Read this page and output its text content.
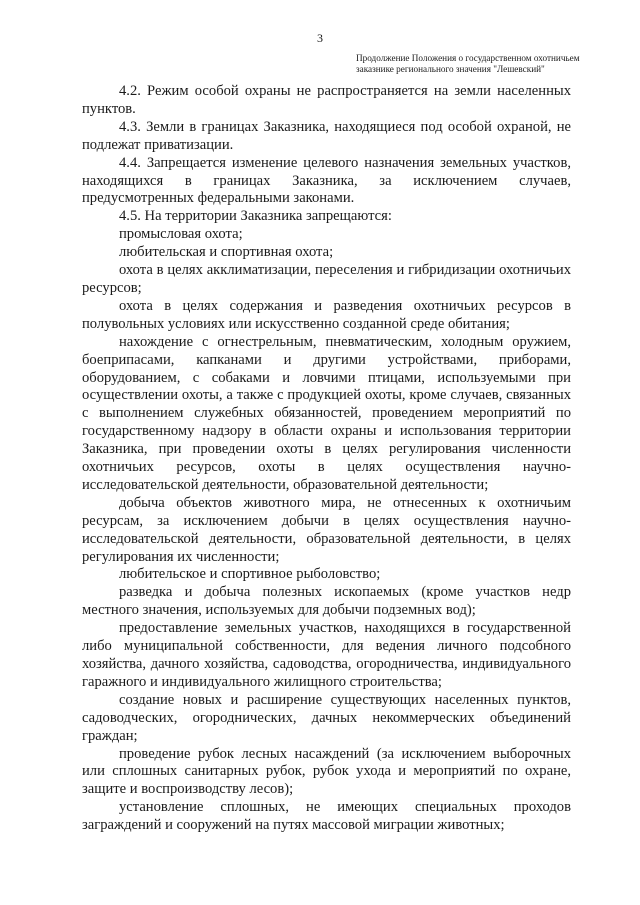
3
Продолжение Положения о государственном охотничьем
заказнике регионального значения "Лешевский"

4.2. Режим особой охраны не распространяется на земли населенных пунктов.

4.3. Земли в границах Заказника, находящиеся под особой охраной, не подлежат приватизации.

4.4. Запрещается изменение целевого назначения земельных участков, находящихся в границах Заказника, за исключением случаев, предусмотренных федеральными законами.

4.5. На территории Заказника запрещаются:

промысловая охота;

любительская и спортивная охота;

охота в целях акклиматизации, переселения и гибридизации охотничьих ресурсов;

охота в целях содержания и разведения охотничьих ресурсов в полувольных условиях или искусственно созданной среде обитания;

нахождение с огнестрельным, пневматическим, холодным оружием, боеприпасами, капканами и другими устройствами, приборами, оборудованием, с собаками и ловчими птицами, используемыми при осуществлении охоты, а также с продукцией охоты, кроме случаев, связанных с выполнением служебных обязанностей, проведением мероприятий по государственному надзору в области охраны и использования территории Заказника, при проведении охоты в целях регулирования численности охотничьих ресурсов, охоты в целях осуществления научно-исследовательской деятельности, образовательной деятельности;

добыча объектов животного мира, не отнесенных к охотничьим ресурсам, за исключением добычи в целях осуществления научно-исследовательской деятельности, образовательной деятельности, в целях регулирования их численности;

любительское и спортивное рыболовство;

разведка и добыча полезных ископаемых (кроме участков недр местного значения, используемых для добычи подземных вод);

предоставление земельных участков, находящихся в государственной либо муниципальной собственности, для ведения личного подсобного хозяйства, дачного хозяйства, садоводства, огородничества, индивидуального гаражного и индивидуального жилищного строительства;

создание новых и расширение существующих населенных пунктов, садоводческих, огороднических, дачных некоммерческих объединений граждан;

проведение рубок лесных насаждений (за исключением выборочных или сплошных санитарных рубок, рубок ухода и мероприятий по охране, защите и воспроизводству лесов);

установление сплошных, не имеющих специальных проходов заграждений и сооружений на путях массовой миграции животных;
